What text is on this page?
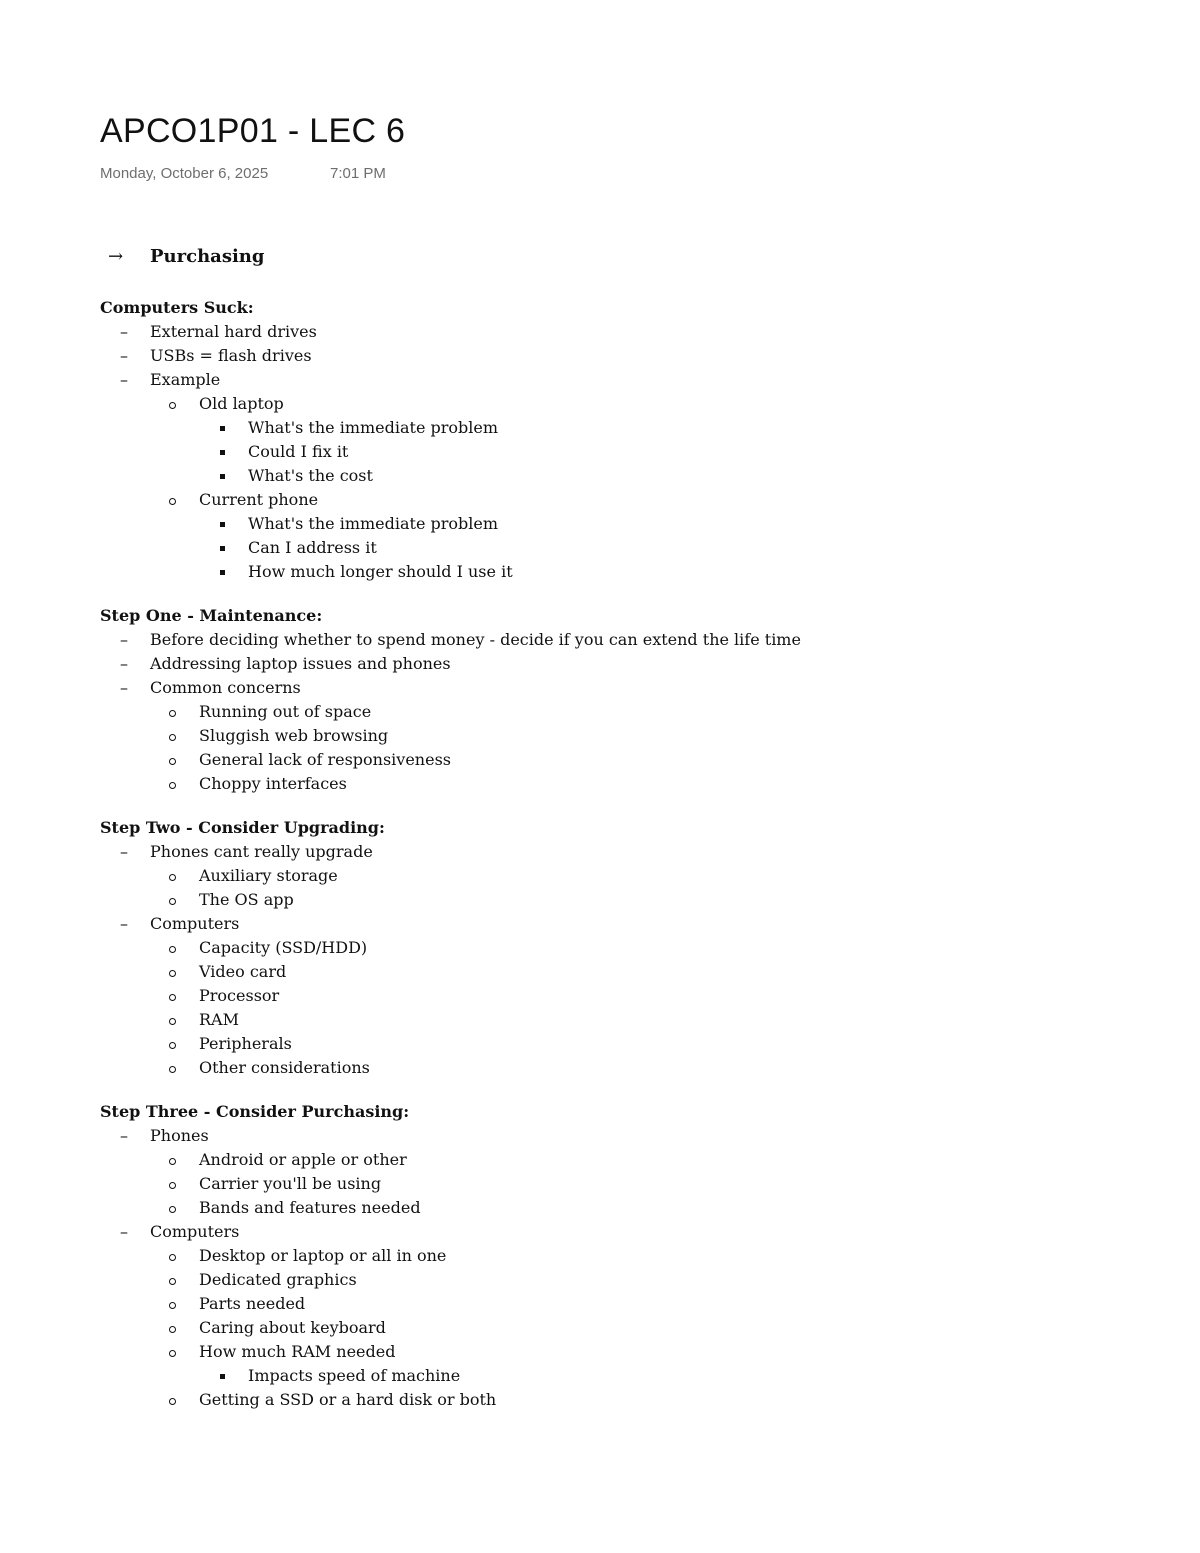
APCO1P01 - LEC 6
Monday, October 6, 2025	7:01 PM
→ Purchasing
Computers Suck:
–
External hard drives
–
USBs = flash drives
–
Example
Old laptop
What's the immediate problem
Could I fix it
What's the cost
Current phone
What's the immediate problem
Can I address it
How much longer should I use it
Step One - Maintenance:
–
Before deciding whether to spend money - decide if you can extend the life time
–
Addressing laptop issues and phones
–
Common concerns
Running out of space
Sluggish web browsing
General lack of responsiveness
Choppy interfaces
Step Two - Consider Upgrading:
–
Phones cant really upgrade
Auxiliary storage
The OS app
–
Computers
Capacity (SSD/HDD)
Video card
Processor
RAM
Peripherals
Other considerations
Step Three - Consider Purchasing:
–
Phones
Android or apple or other
Carrier you'll be using
Bands and features needed
–
Computers
Desktop or laptop or all in one
Dedicated graphics
Parts needed
Caring about keyboard
How much RAM needed
Impacts speed of machine
Getting a SSD or a hard disk or both
